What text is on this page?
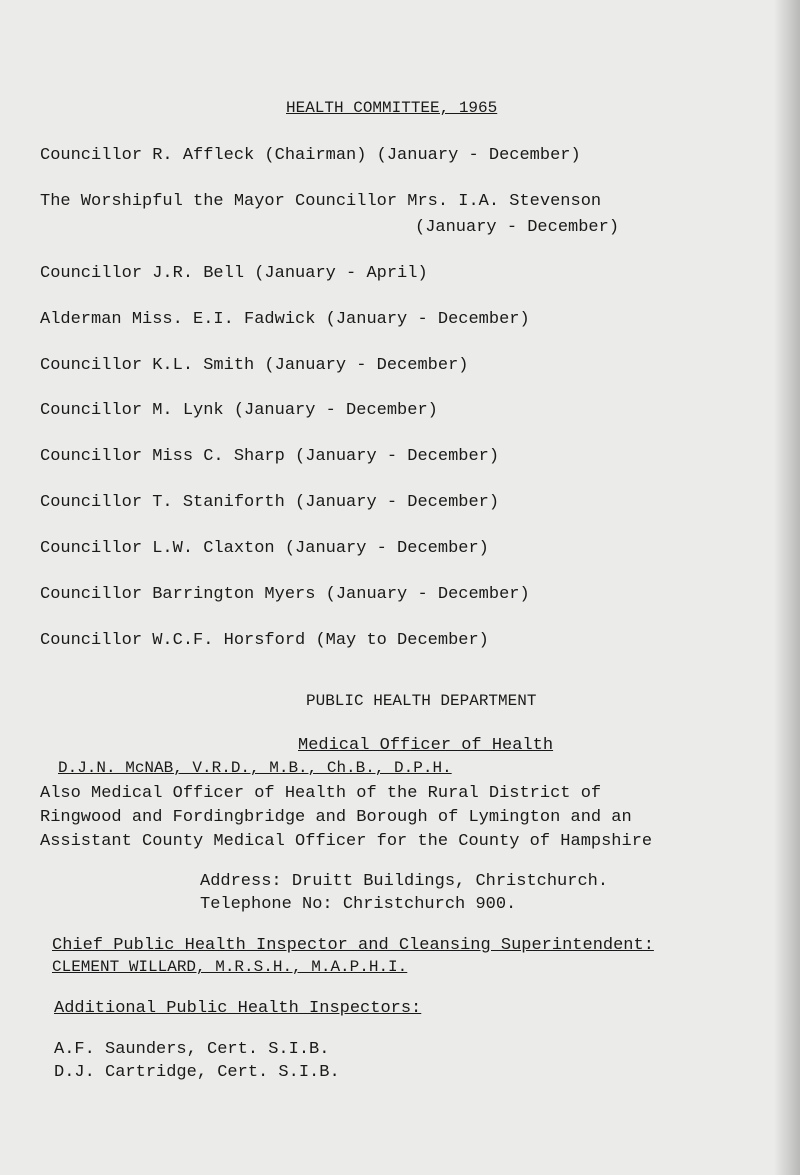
HEALTH COMMITTEE, 1965
Councillor R. Affleck (Chairman) (January - December)
The Worshipful the Mayor Councillor Mrs. I.A. Stevenson
(January - December)
Councillor J.R. Bell (January - April)
Alderman Miss. E.I. Fadwick (January - December)
Councillor K.L. Smith (January - December)
Councillor M. Lynk (January - December)
Councillor Miss C. Sharp (January - December)
Councillor T. Staniforth (January - December)
Councillor L.W. Claxton (January - December)
Councillor Barrington Myers (January - December)
Councillor W.C.F. Horsford (May to December)
PUBLIC HEALTH DEPARTMENT
Medical Officer of Health
D.J.N. McNAB, V.R.D., M.B., Ch.B., D.P.H.
Also Medical Officer of Health of the Rural District of
Ringwood and Fordingbridge and Borough of Lymington and an
Assistant County Medical Officer for the County of Hampshire
Address: Druitt Buildings, Christchurch.
Telephone No: Christchurch 900.
Chief Public Health Inspector and Cleansing Superintendent:
CLEMENT WILLARD, M.R.S.H., M.A.P.H.I.
Additional Public Health Inspectors:
A.F. Saunders, Cert. S.I.B.
D.J. Cartridge, Cert. S.I.B.
